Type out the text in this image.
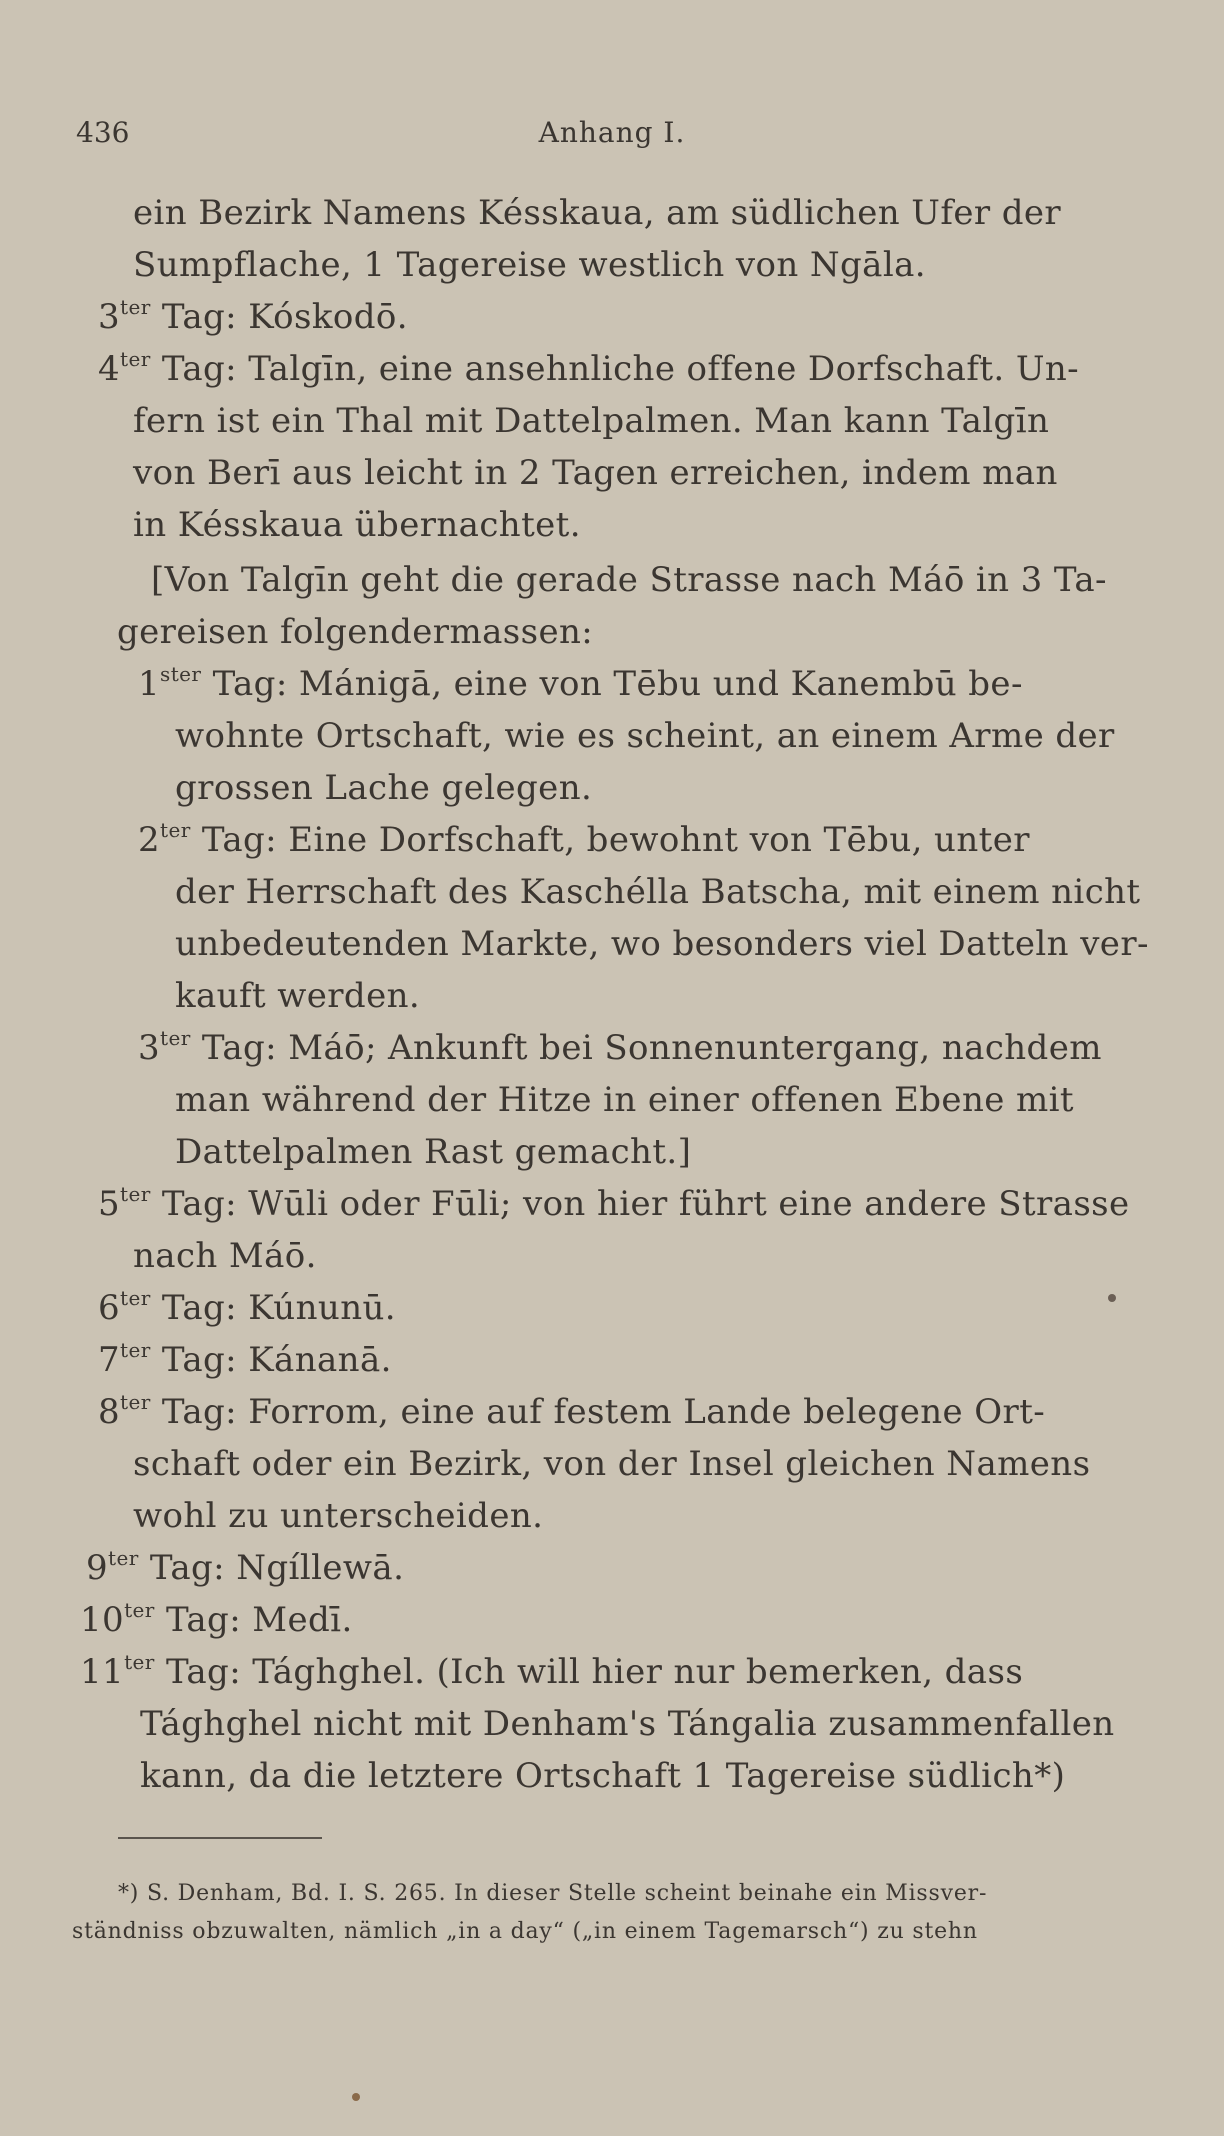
436	Anhang I.
ein Bezirk Namens Késskaua, am südlichen Ufer der
Sumpflache, 1 Tagereise westlich von Ngāla.
$3^{ter}$ Tag: Kóskodō.
$4^{ter}$ Tag: Talgīn, eine ansehnliche offene Dorfschaft. Un-
fern ist ein Thal mit Dattelpalmen. Man kann Talgīn
von Berī aus leicht in 2 Tagen erreichen, indem man
in Késskaua übernachtet.
[Von Talgīn geht die gerade Strasse nach Máō in 3 Ta-
gereisen folgendermassen:
$1^{ster}$ Tag: Mánigā, eine von Tēbu und Kanembū be-
wohnte Ortschaft, wie es scheint, an einem Arme der
grossen Lache gelegen.
$2^{ter}$ Tag: Eine Dorfschaft, bewohnt von Tēbu, unter
der Herrschaft des Kaschélla Batscha, mit einem nicht
unbedeutenden Markte, wo besonders viel Datteln ver-
kauft werden.
$3^{ter}$ Tag: Máō; Ankunft bei Sonnenuntergang, nachdem
man während der Hitze in einer offenen Ebene mit
Dattelpalmen Rast gemacht.]
$5^{ter}$ Tag: Wūli oder Fūli; von hier führt eine andere Strasse
nach Máō.
$6^{ter}$ Tag: Kúnunū.
$7^{ter}$ Tag: Kánanā.
$8^{ter}$ Tag: Forrom, eine auf festem Lande belegene Ort-
schaft oder ein Bezirk, von der Insel gleichen Namens
wohl zu unterscheiden.
$9^{ter}$ Tag: Ngíllewā.
$10^{ter}$ Tag: Medī.
$11^{ter}$ Tag: Tághghel. (Ich will hier nur bemerken, dass
Tághghel nicht mit Denham's Tángalia zusammenfallen
kann, da die letztere Ortschaft 1 Tagereise südlich*)
*) S. Denham, Bd. I. S. 265. In dieser Stelle scheint beinahe ein Missver-
ständniss obzuwalten, nämlich „in a day“ („in einem Tagemarsch“) zu stehn
